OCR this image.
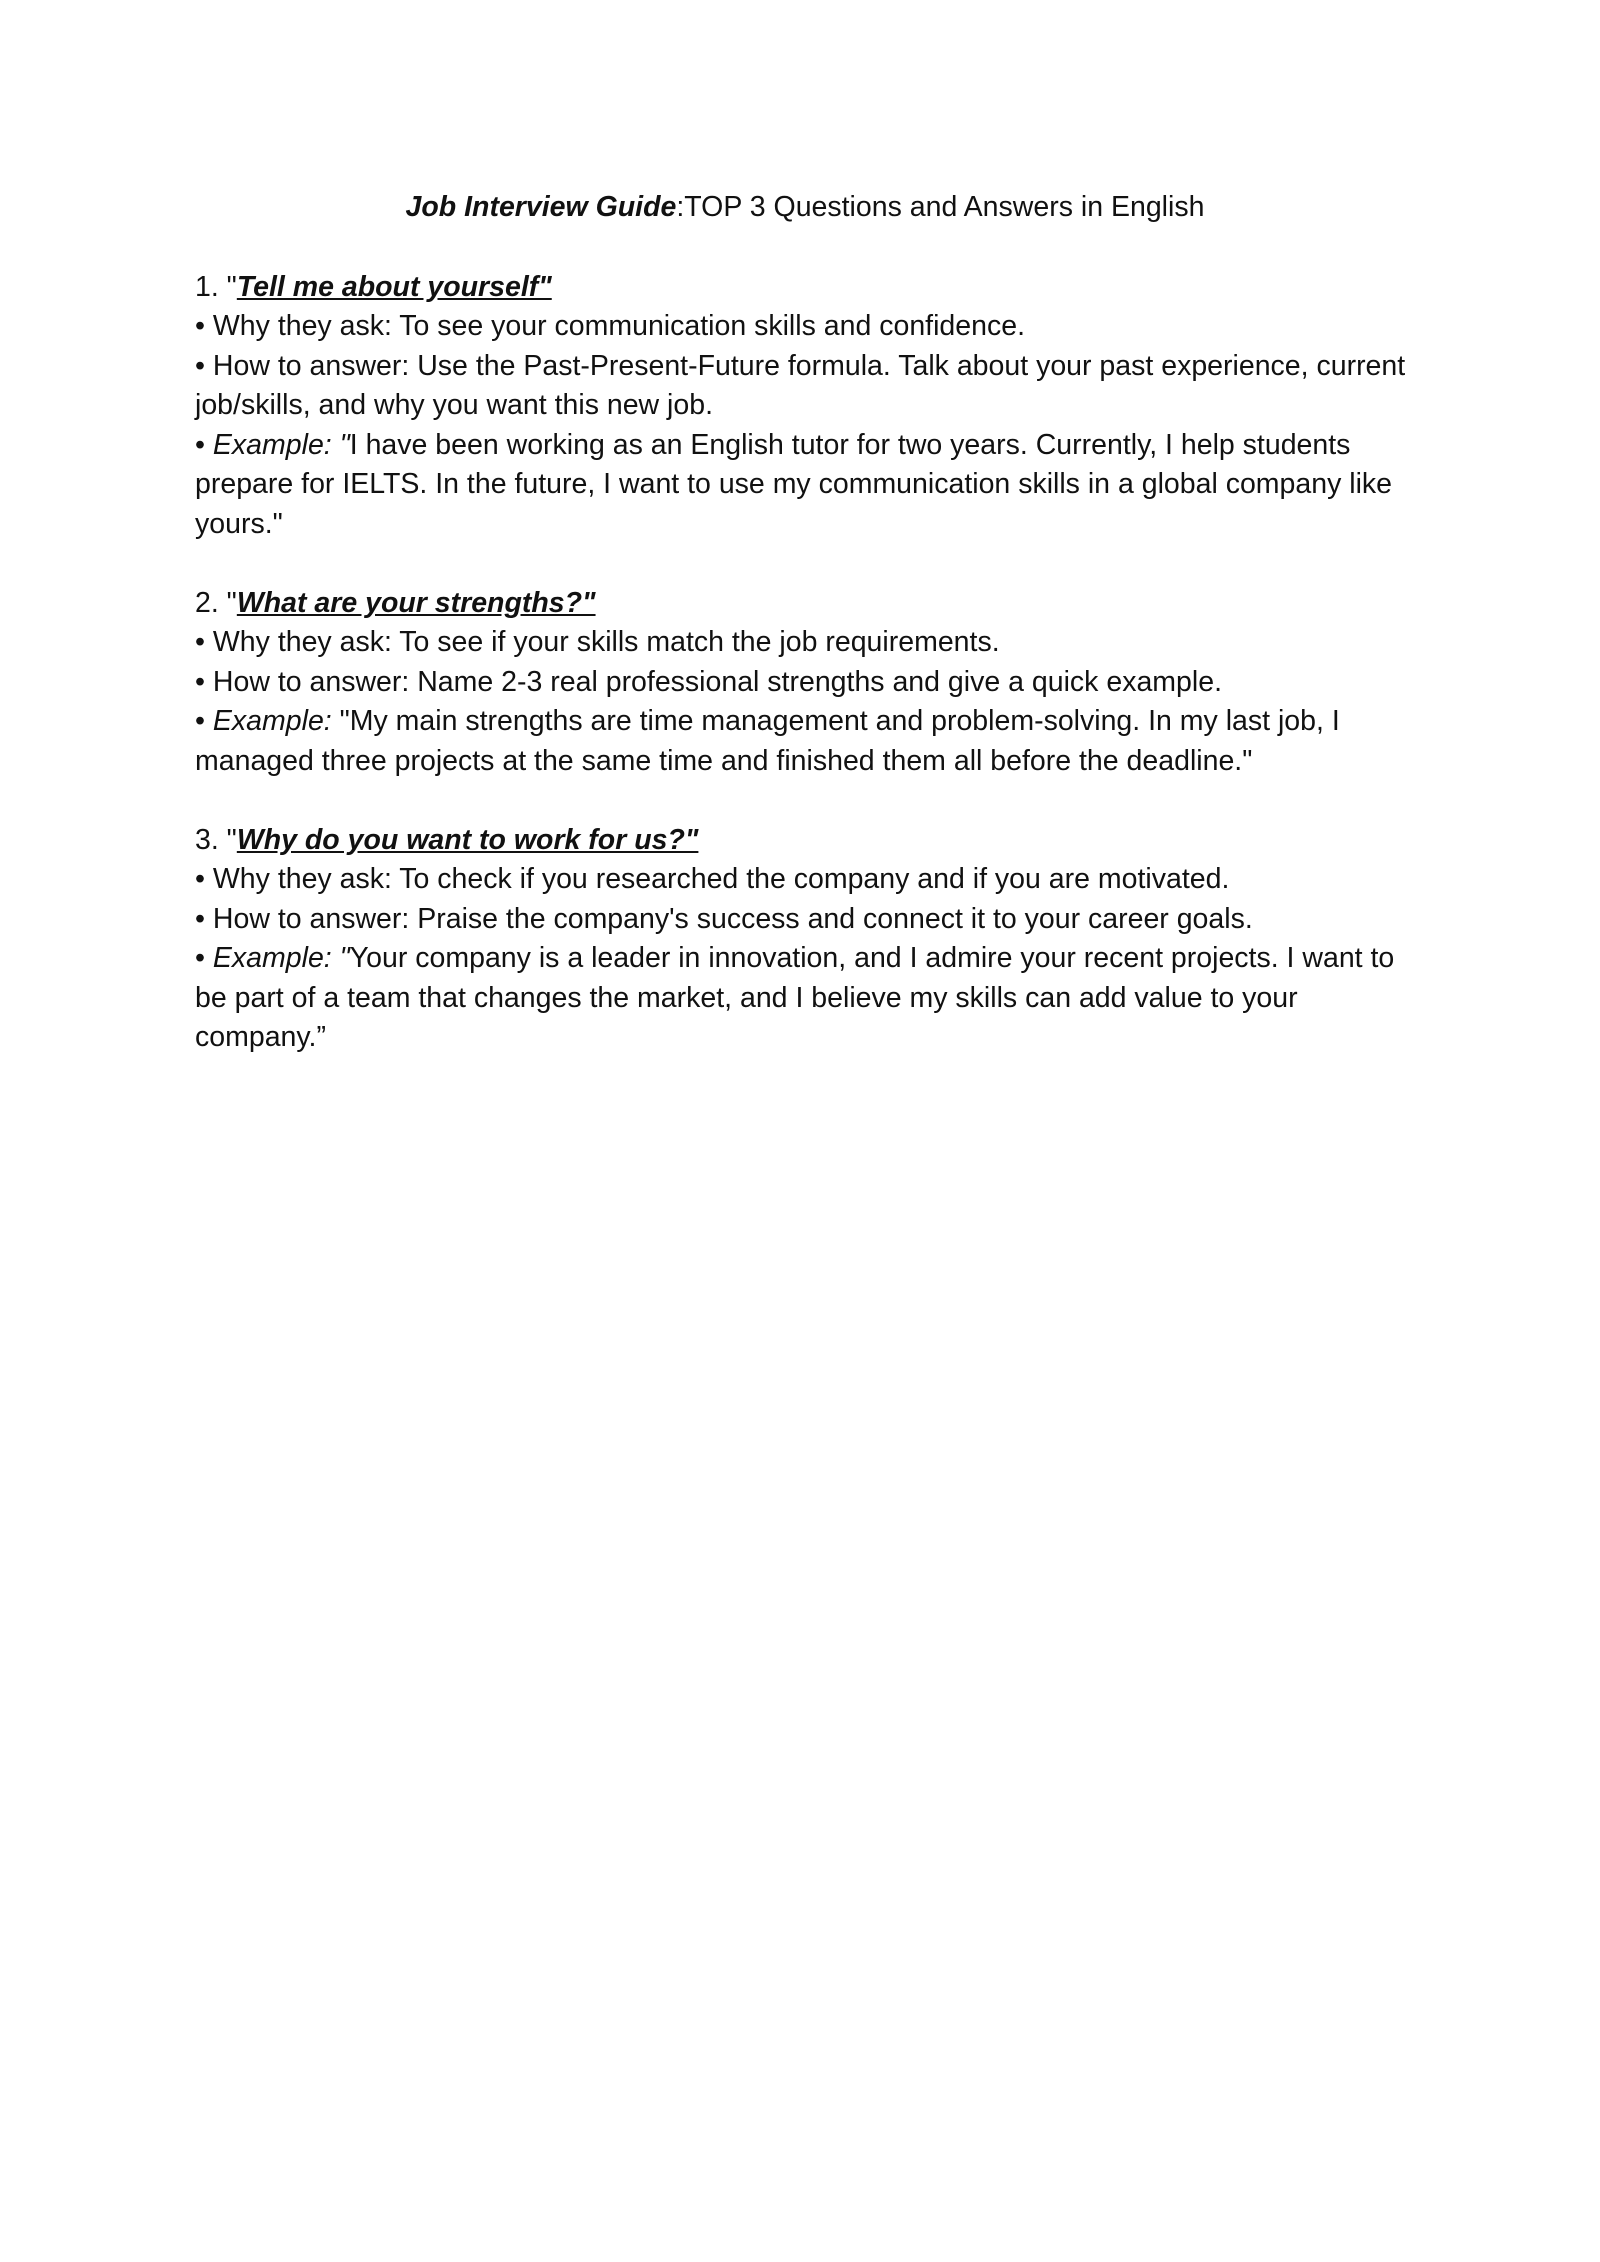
Job Interview Guide:TOP 3 Questions and Answers in English

1. "Tell me about yourself"

• Why they ask: To see your communication skills and confidence.

• How to answer: Use the Past-Present-Future formula. Talk about your past experience, current job/skills, and why you want this new job.

• Example: "I have been working as an English tutor for two years. Currently, I help students prepare for IELTS. In the future, I want to use my communication skills in a global company like yours."

2. "What are your strengths?"

• Why they ask: To see if your skills match the job requirements.

• How to answer: Name 2-3 real professional strengths and give a quick example.

• Example: "My main strengths are time management and problem-solving. In my last job, I managed three projects at the same time and finished them all before the deadline."

3. "Why do you want to work for us?"

• Why they ask: To check if you researched the company and if you are motivated.

• How to answer: Praise the company's success and connect it to your career goals.

• Example: "Your company is a leader in innovation, and I admire your recent projects. I want to be part of a team that changes the market, and I believe my skills can add value to your company.”
